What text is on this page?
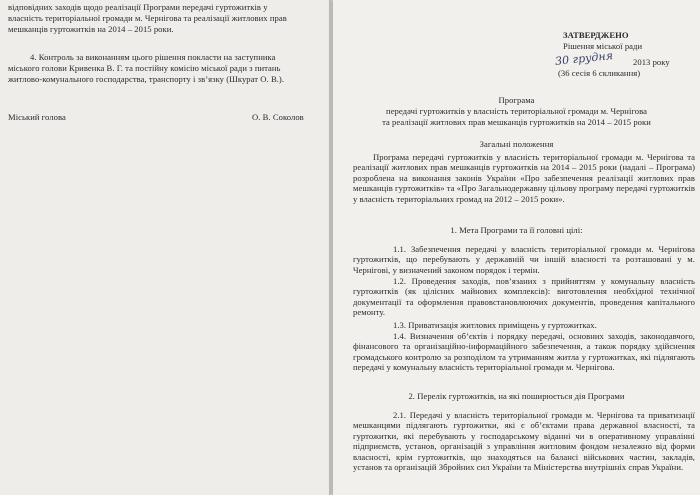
відповідних заходів щодо реалізації Програми передачі гуртожитків у
власність територіальної громади м. Чернігова та реалізації житлових прав
мешканців гуртожитків на 2014 – 2015 роки.
4. Контроль за виконанням цього рішення покласти на заступника
міського голови Кривенка В. Г. та постійну комісію міської ради з питань
житлово-комунального господарства, транспорту і зв’язку (Шкурат О. В.).
Міський голова	О. В. Соколов
ЗАТВЕРДЖЕНО
Рішення міської ради
30 грудня 2013 року
(36 сесія 6 скликання)
Програма
передачі гуртожитків у власність територіальної громади м. Чернігова
та реалізації житлових прав мешканців гуртожитків на 2014 – 2015 роки
Загальні положення
Програма передачі гуртожитків у власність територіальної громади м. Чернігова та реалізації житлових прав мешканців гуртожитків на 2014 – 2015 роки (надалі – Програма) розроблена на виконання законів України «Про забезпечення реалізації житлових прав мешканців гуртожитків» та «Про Загальнодержавну цільову програму передачі гуртожитків у власність територіальних громад на 2012 – 2015 роки».
1. Мета Програми та її головні цілі:
1.1. Забезпечення передачі у власність територіальної громади м. Чернігова гуртожитків, що перебувають у державній чи іншій власності та розташовані у м. Чернігові, у визначений законом порядок і термін.
1.2. Проведення заходів, пов’язаних з прийняттям у комунальну власність гуртожитків (як цілісних майнових комплексів): виготовлення необхідної технічної документації та оформлення правовстановлюючих документів, проведення капітального ремонту.
1.3. Приватизація житлових приміщень у гуртожитках.
1.4. Визначення об’єктів і порядку передачі, основних заходів, законодавчого, фінансового та організаційно-інформаційного забезпечення, а також порядку здійснення громадського контролю за розподілом та утриманням житла у гуртожитках, які підлягають передачі у комунальну власність територіальної громади м. Чернігова.
2. Перелік гуртожитків, на які поширюється дія Програми
2.1. Передачі у власність територіальної громади м. Чернігова та приватизації мешканцями підлягають гуртожитки, які є об’єктами права державної власності, та гуртожитки, які перебувають у господарському віданні чи в оперативному управлінні підприємств, установ, організацій з управління житловим фондом незалежно від форми власності, крім гуртожитків, що знаходяться на балансі військових частин, закладів, установ та організацій Збройних сил України та Міністерства внутрішніх справ України.
